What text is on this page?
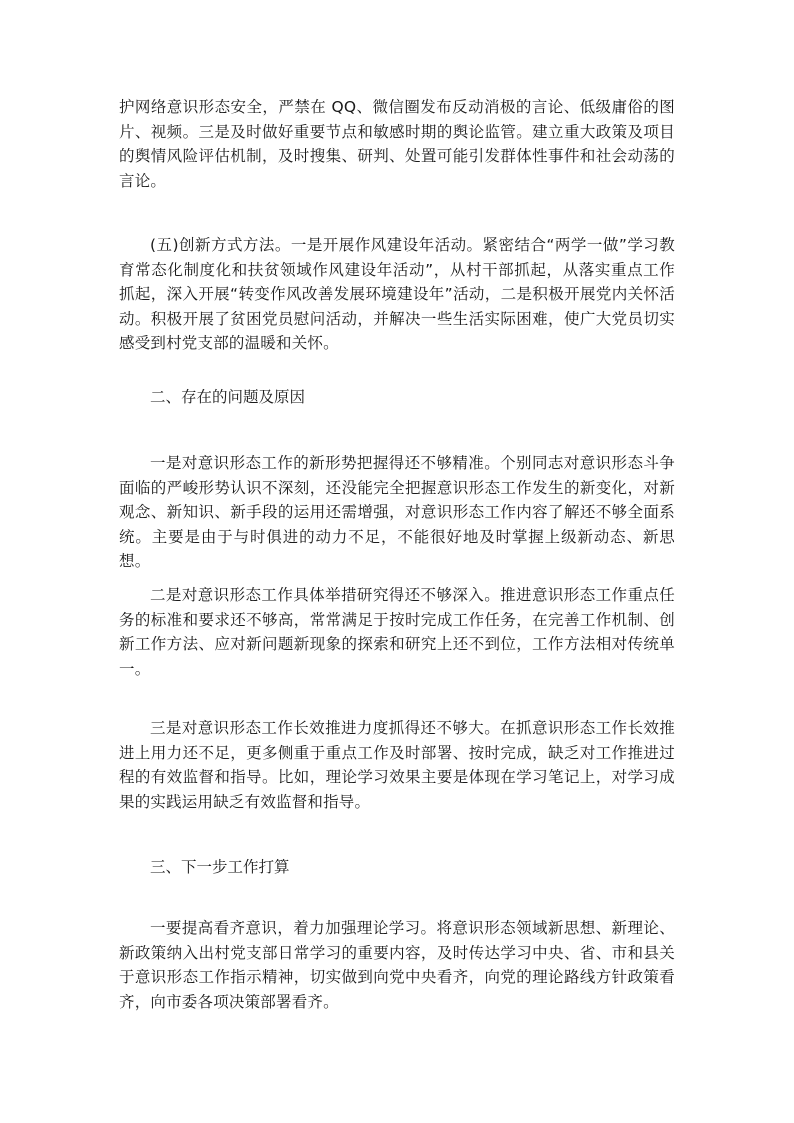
护网络意识形态安全，严禁在 QQ、微信圈发布反动消极的言论、低级庸俗的图片、视频。三是及时做好重要节点和敏感时期的舆论监管。建立重大政策及项目的舆情风险评估机制，及时搜集、研判、处置可能引发群体性事件和社会动荡的言论。

(五)创新方式方法。一是开展作风建设年活动。紧密结合“两学一做”学习教育常态化制度化和扶贫领域作风建设年活动”，从村干部抓起，从落实重点工作抓起，深入开展“转变作风改善发展环境建设年”活动，二是积极开展党内关怀活动。积极开展了贫困党员慰问活动，并解决一些生活实际困难，使广大党员切实感受到村党支部的温暖和关怀。

二、存在的问题及原因

一是对意识形态工作的新形势把握得还不够精准。个别同志对意识形态斗争面临的严峻形势认识不深刻，还没能完全把握意识形态工作发生的新变化，对新观念、新知识、新手段的运用还需增强，对意识形态工作内容了解还不够全面系统。主要是由于与时俱进的动力不足，不能很好地及时掌握上级新动态、新思想。

二是对意识形态工作具体举措研究得还不够深入。推进意识形态工作重点任务的标准和要求还不够高，常常满足于按时完成工作任务，在完善工作机制、创新工作方法、应对新问题新现象的探索和研究上还不到位，工作方法相对传统单一。

三是对意识形态工作长效推进力度抓得还不够大。在抓意识形态工作长效推进上用力还不足，更多侧重于重点工作及时部署、按时完成，缺乏对工作推进过程的有效监督和指导。比如，理论学习效果主要是体现在学习笔记上，对学习成果的实践运用缺乏有效监督和指导。

三、下一步工作打算

一要提高看齐意识，着力加强理论学习。将意识形态领域新思想、新理论、新政策纳入出村党支部日常学习的重要内容，及时传达学习中央、省、市和县关于意识形态工作指示精神，切实做到向党中央看齐，向党的理论路线方针政策看齐，向市委各项决策部署看齐。
